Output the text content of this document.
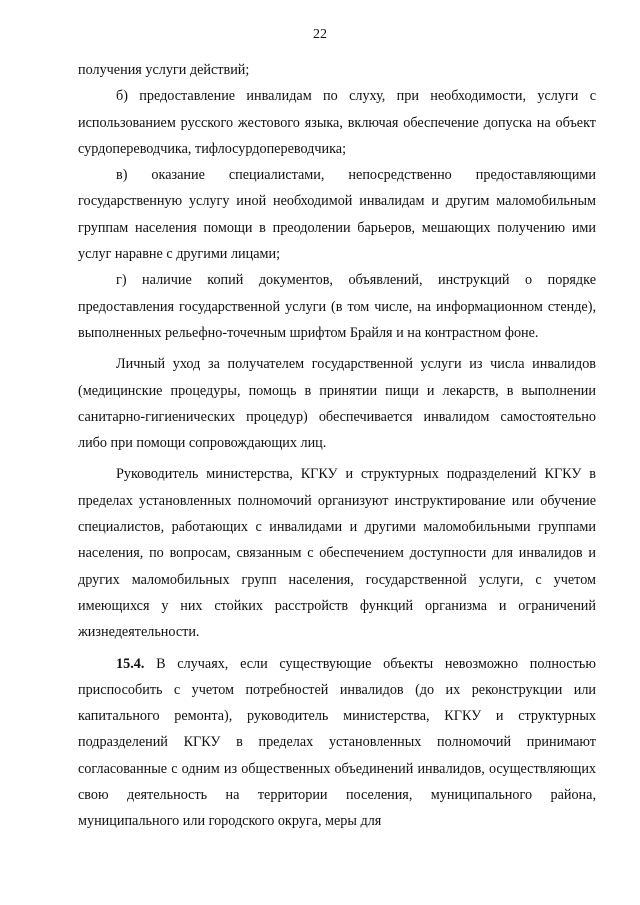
22

получения услуги действий;

б) предоставление инвалидам по слуху, при необходимости, услуги с использованием русского жестового языка, включая обеспечение допуска на объект сурдопереводчика, тифлосурдопереводчика;

в) оказание специалистами, непосредственно предоставляющими государственную услугу иной необходимой инвалидам и другим маломобильным группам населения помощи в преодолении барьеров, мешающих получению ими услуг наравне с другими лицами;

г) наличие копий документов, объявлений, инструкций о порядке предоставления государственной услуги (в том числе, на информационном стенде), выполненных рельефно-точечным шрифтом Брайля и на контрастном фоне.

Личный уход за получателем государственной услуги из числа инвалидов (медицинские процедуры, помощь в принятии пищи и лекарств, в выполнении санитарно-гигиенических процедур) обеспечивается инвалидом самостоятельно либо при помощи сопровождающих лиц.

Руководитель министерства, КГКУ и структурных подразделений КГКУ в пределах установленных полномочий организуют инструктирование или обучение специалистов, работающих с инвалидами и другими маломобильными группами населения, по вопросам, связанным с обеспечением доступности для инвалидов и других маломобильных групп населения, государственной услуги, с учетом имеющихся у них стойких расстройств функций организма и ограничений жизнедеятельности.

15.4. В случаях, если существующие объекты невозможно полностью приспособить с учетом потребностей инвалидов (до их реконструкции или капитального ремонта), руководитель министерства, КГКУ и структурных подразделений КГКУ в пределах установленных полномочий принимают согласованные с одним из общественных объединений инвалидов, осуществляющих свою деятельность на территории поселения, муниципального района, муниципального или городского округа, меры для
